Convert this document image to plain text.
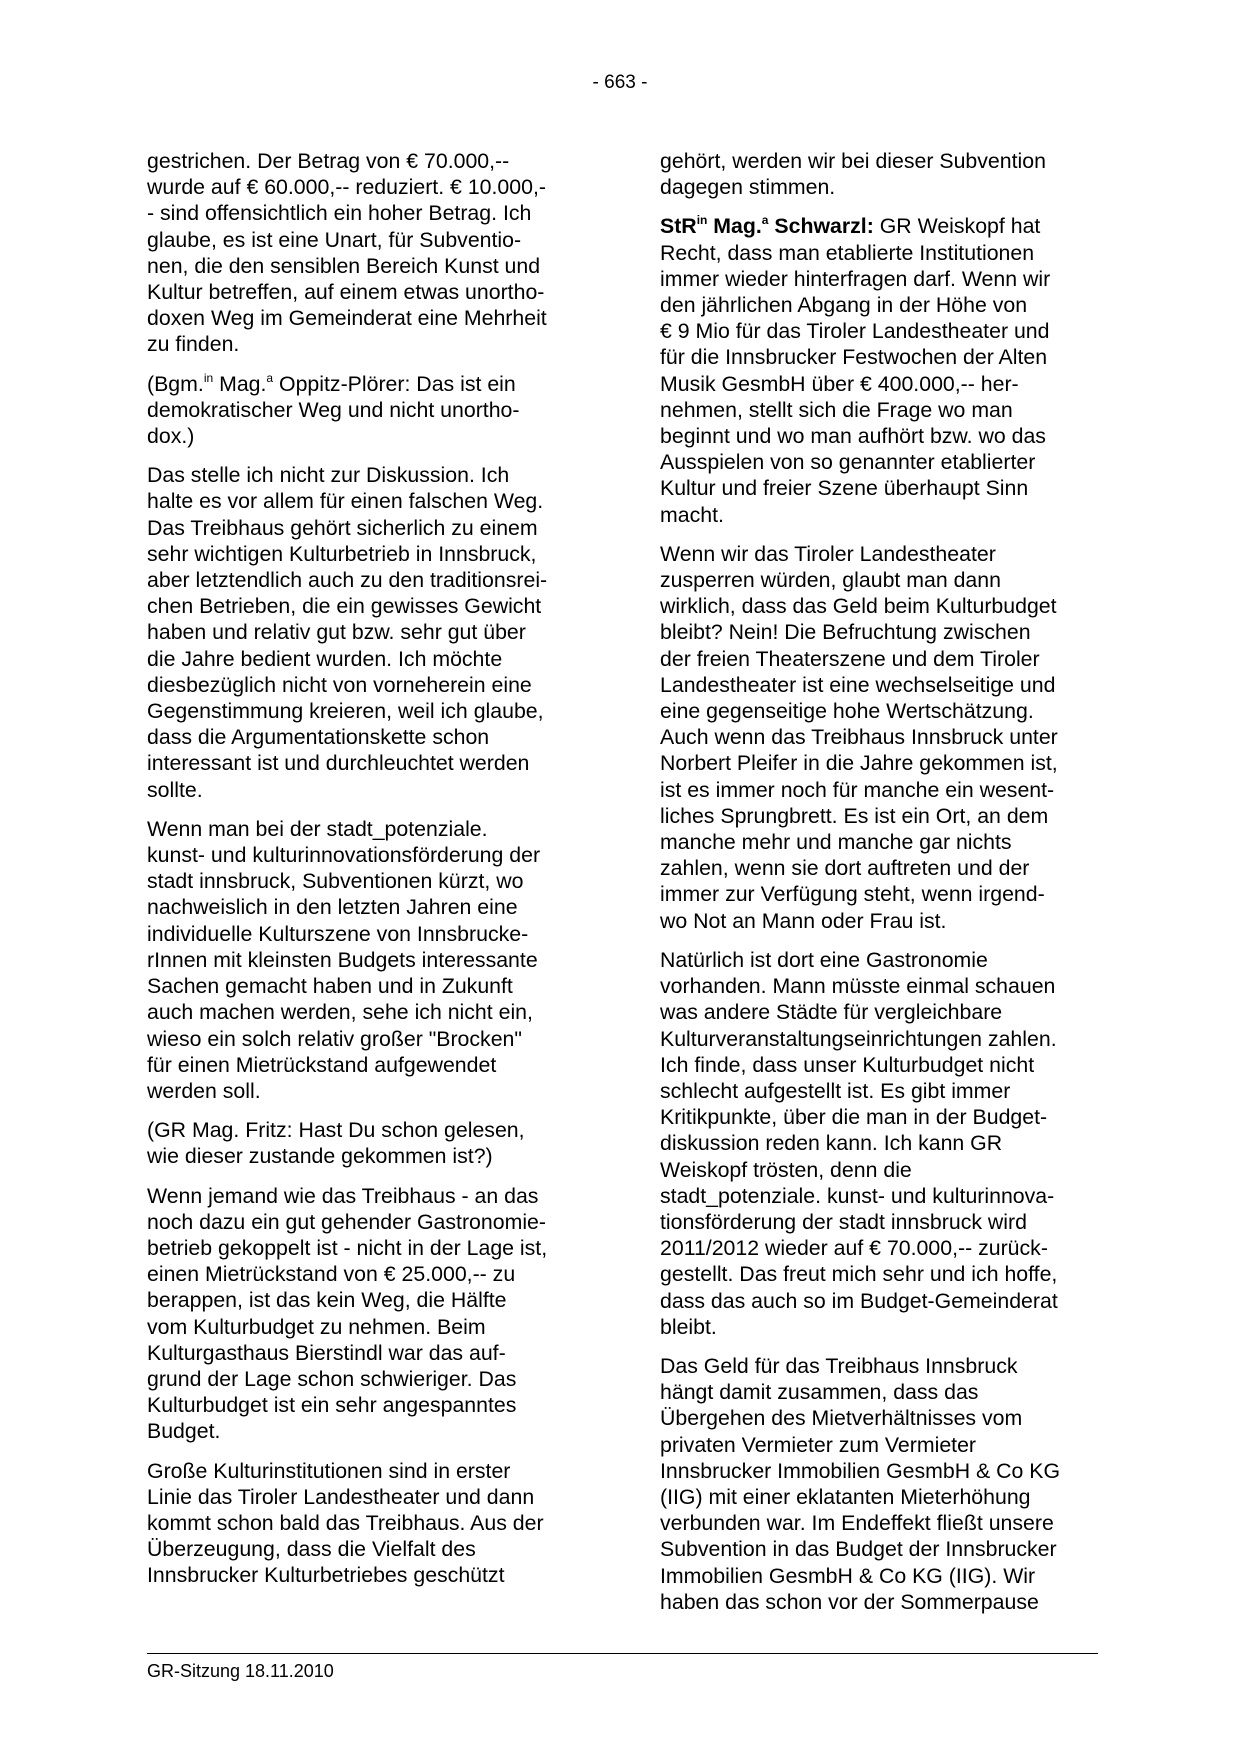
- 663 -

gestrichen. Der Betrag von € 70.000,--
wurde auf € 60.000,-- reduziert. € 10.000,-
- sind offensichtlich ein hoher Betrag. Ich
glaube, es ist eine Unart, für Subventio-
nen, die den sensiblen Bereich Kunst und
Kultur betreffen, auf einem etwas unortho-
doxen Weg im Gemeinderat eine Mehrheit
zu finden.

(Bgm.$^{in}$ Mag.$^a$ Oppitz-Plörer: Das ist ein
demokratischer Weg und nicht unortho-
dox.)

Das stelle ich nicht zur Diskussion. Ich
halte es vor allem für einen falschen Weg.
Das Treibhaus gehört sicherlich zu einem
sehr wichtigen Kulturbetrieb in Innsbruck,
aber letztendlich auch zu den traditionsrei-
chen Betrieben, die ein gewisses Gewicht
haben und relativ gut bzw. sehr gut über
die Jahre bedient wurden. Ich möchte
diesbezüglich nicht von vorneherein eine
Gegenstimmung kreieren, weil ich glaube,
dass die Argumentationskette schon
interessant ist und durchleuchtet werden
sollte.

Wenn man bei der stadt_potenziale.
kunst- und kulturinnovationsförderung der
stadt innsbruck, Subventionen kürzt, wo
nachweislich in den letzten Jahren eine
individuelle Kulturszene von Innsbrucke-
rInnen mit kleinsten Budgets interessante
Sachen gemacht haben und in Zukunft
auch machen werden, sehe ich nicht ein,
wieso ein solch relativ großer "Brocken"
für einen Mietrückstand aufgewendet
werden soll.

(GR Mag. Fritz: Hast Du schon gelesen,
wie dieser zustande gekommen ist?)

Wenn jemand wie das Treibhaus - an das
noch dazu ein gut gehender Gastronomie-
betrieb gekoppelt ist - nicht in der Lage ist,
einen Mietrückstand von € 25.000,-- zu
berappen, ist das kein Weg, die Hälfte
vom Kulturbudget zu nehmen. Beim
Kulturgasthaus Bierstindl war das auf-
grund der Lage schon schwieriger. Das
Kulturbudget ist ein sehr angespanntes
Budget.

Große Kulturinstitutionen sind in erster
Linie das Tiroler Landestheater und dann
kommt schon bald das Treibhaus. Aus der
Überzeugung, dass die Vielfalt des
Innsbrucker Kulturbetriebes geschützt

gehört, werden wir bei dieser Subvention
dagegen stimmen.

StR$^{in}$ Mag.$^a$ Schwarzl: GR Weiskopf hat
Recht, dass man etablierte Institutionen
immer wieder hinterfragen darf. Wenn wir
den jährlichen Abgang in der Höhe von
€ 9 Mio für das Tiroler Landestheater und
für die Innsbrucker Festwochen der Alten
Musik GesmbH über € 400.000,-- her-
nehmen, stellt sich die Frage wo man
beginnt und wo man aufhört bzw. wo das
Ausspielen von so genannter etablierter
Kultur und freier Szene überhaupt Sinn
macht.

Wenn wir das Tiroler Landestheater
zusperren würden, glaubt man dann
wirklich, dass das Geld beim Kulturbudget
bleibt? Nein! Die Befruchtung zwischen
der freien Theaterszene und dem Tiroler
Landestheater ist eine wechselseitige und
eine gegenseitige hohe Wertschätzung.
Auch wenn das Treibhaus Innsbruck unter
Norbert Pleifer in die Jahre gekommen ist,
ist es immer noch für manche ein wesent-
liches Sprungbrett. Es ist ein Ort, an dem
manche mehr und manche gar nichts
zahlen, wenn sie dort auftreten und der
immer zur Verfügung steht, wenn irgend-
wo Not an Mann oder Frau ist.

Natürlich ist dort eine Gastronomie
vorhanden. Mann müsste einmal schauen
was andere Städte für vergleichbare
Kulturveranstaltungseinrichtungen zahlen.
Ich finde, dass unser Kulturbudget nicht
schlecht aufgestellt ist. Es gibt immer
Kritikpunkte, über die man in der Budget-
diskussion reden kann. Ich kann GR
Weiskopf trösten, denn die
stadt_potenziale. kunst- und kulturinnova-
tionsförderung der stadt innsbruck wird
2011/2012 wieder auf € 70.000,-- zurück-
gestellt. Das freut mich sehr und ich hoffe,
dass das auch so im Budget-Gemeinderat
bleibt.

Das Geld für das Treibhaus Innsbruck
hängt damit zusammen, dass das
Übergehen des Mietverhältnisses vom
privaten Vermieter zum Vermieter
Innsbrucker Immobilien GesmbH & Co KG
(IIG) mit einer eklatanten Mieterhöhung
verbunden war. Im Endeffekt fließt unsere
Subvention in das Budget der Innsbrucker
Immobilien GesmbH & Co KG (IIG). Wir
haben das schon vor der Sommerpause

GR-Sitzung 18.11.2010
